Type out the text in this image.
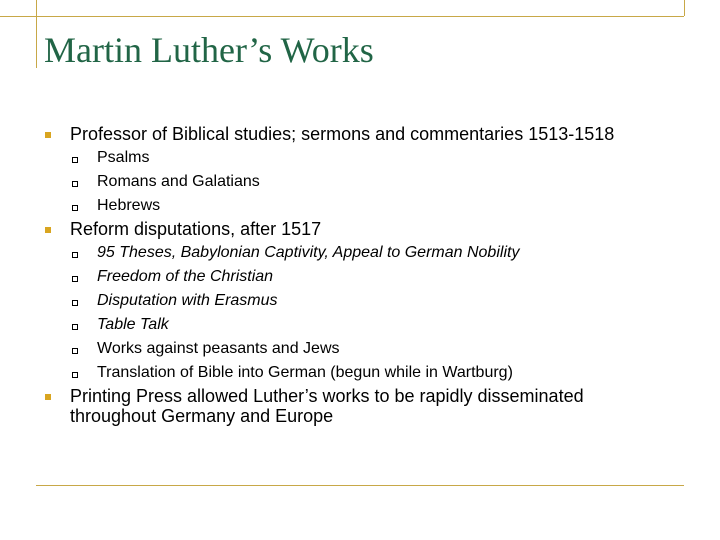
Martin Luther’s Works
Professor of Biblical studies; sermons and commentaries 1513-1518
Psalms
Romans and Galatians
Hebrews
Reform disputations, after 1517
95 Theses, Babylonian Captivity, Appeal to German Nobility
Freedom of the Christian
Disputation with Erasmus
Table Talk
Works against peasants and Jews
Translation of Bible into German (begun while in Wartburg)
Printing Press allowed Luther’s works to be rapidly disseminated throughout Germany and Europe
